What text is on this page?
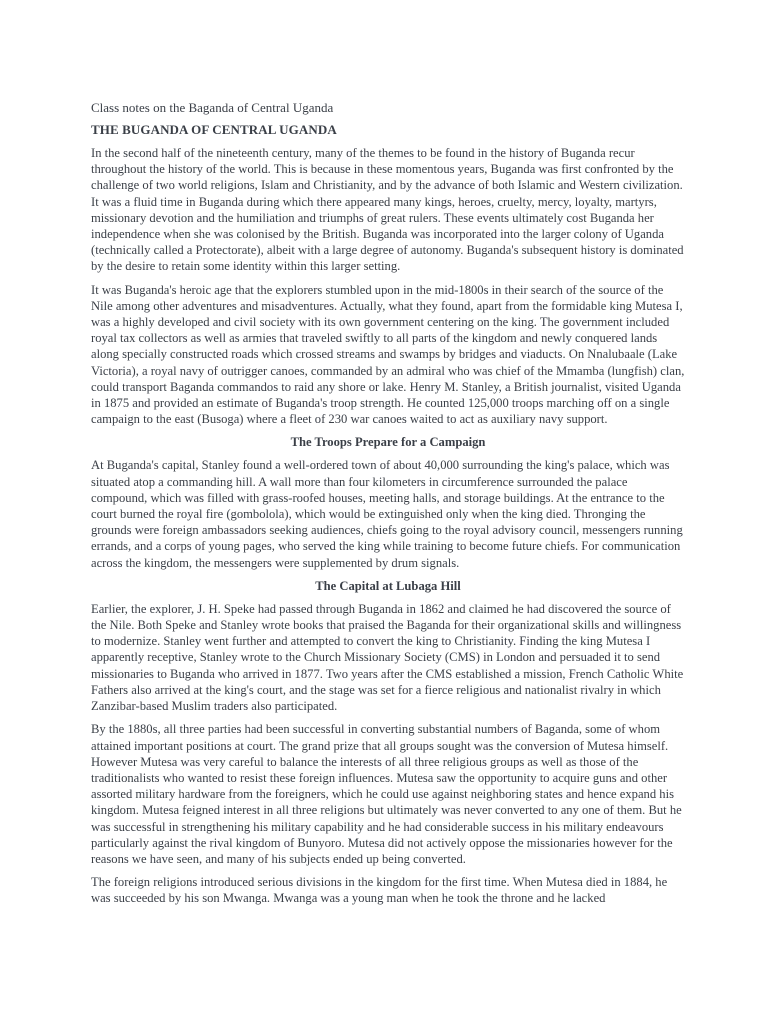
Class notes on the Baganda of Central Uganda

THE BUGANDA OF CENTRAL UGANDA

In the second half of the nineteenth century, many of the themes to be found in the history of Buganda recur throughout the history of the world. This is because in these momentous years, Buganda was first confronted by the challenge of two world religions, Islam and Christianity, and by the advance of both Islamic and Western civilization. It was a fluid time in Buganda during which there appeared many kings, heroes, cruelty, mercy, loyalty, martyrs, missionary devotion and the humiliation and triumphs of great rulers. These events ultimately cost Buganda her independence when she was colonised by the British. Buganda was incorporated into the larger colony of Uganda (technically called a Protectorate), albeit with a large degree of autonomy. Buganda's subsequent history is dominated by the desire to retain some identity within this larger setting.

It was Buganda's heroic age that the explorers stumbled upon in the mid-1800s in their search of the source of the Nile among other adventures and misadventures. Actually, what they found, apart from the formidable king Mutesa I, was a highly developed and civil society with its own government centering on the king. The government included royal tax collectors as well as armies that traveled swiftly to all parts of the kingdom and newly conquered lands along specially constructed roads which crossed streams and swamps by bridges and viaducts. On Nnalubaale (Lake Victoria), a royal navy of outrigger canoes, commanded by an admiral who was chief of the Mmamba (lungfish) clan, could transport Baganda commandos to raid any shore or lake. Henry M. Stanley, a British journalist, visited Uganda in 1875 and provided an estimate of Buganda's troop strength. He counted 125,000 troops marching off on a single campaign to the east (Busoga) where a fleet of 230 war canoes waited to act as auxiliary navy support.

The Troops Prepare for a Campaign

At Buganda's capital, Stanley found a well-ordered town of about 40,000 surrounding the king's palace, which was situated atop a commanding hill. A wall more than four kilometers in circumference surrounded the palace compound, which was filled with grass-roofed houses, meeting halls, and storage buildings. At the entrance to the court burned the royal fire (gombolola), which would be extinguished only when the king died. Thronging the grounds were foreign ambassadors seeking audiences, chiefs going to the royal advisory council, messengers running errands, and a corps of young pages, who served the king while training to become future chiefs. For communication across the kingdom, the messengers were supplemented by drum signals.

The Capital at Lubaga Hill

Earlier, the explorer, J. H. Speke had passed through Buganda in 1862 and claimed he had discovered the source of the Nile. Both Speke and Stanley wrote books that praised the Baganda for their organizational skills and willingness to modernize. Stanley went further and attempted to convert the king to Christianity. Finding the king Mutesa I apparently receptive, Stanley wrote to the Church Missionary Society (CMS) in London and persuaded it to send missionaries to Buganda who arrived in 1877. Two years after the CMS established a mission, French Catholic White Fathers also arrived at the king's court, and the stage was set for a fierce religious and nationalist rivalry in which Zanzibar-based Muslim traders also participated.

By the 1880s, all three parties had been successful in converting substantial numbers of Baganda, some of whom attained important positions at court. The grand prize that all groups sought was the conversion of Mutesa himself. However Mutesa was very careful to balance the interests of all three religious groups as well as those of the traditionalists who wanted to resist these foreign influences. Mutesa saw the opportunity to acquire guns and other assorted military hardware from the foreigners, which he could use against neighboring states and hence expand his kingdom. Mutesa feigned interest in all three religions but ultimately was never converted to any one of them. But he was successful in strengthening his military capability and he had considerable success in his military endeavours particularly against the rival kingdom of Bunyoro. Mutesa did not actively oppose the missionaries however for the reasons we have seen, and many of his subjects ended up being converted.

The foreign religions introduced serious divisions in the kingdom for the first time. When Mutesa died in 1884, he was succeeded by his son Mwanga. Mwanga was a young man when he took the throne and he lacked
